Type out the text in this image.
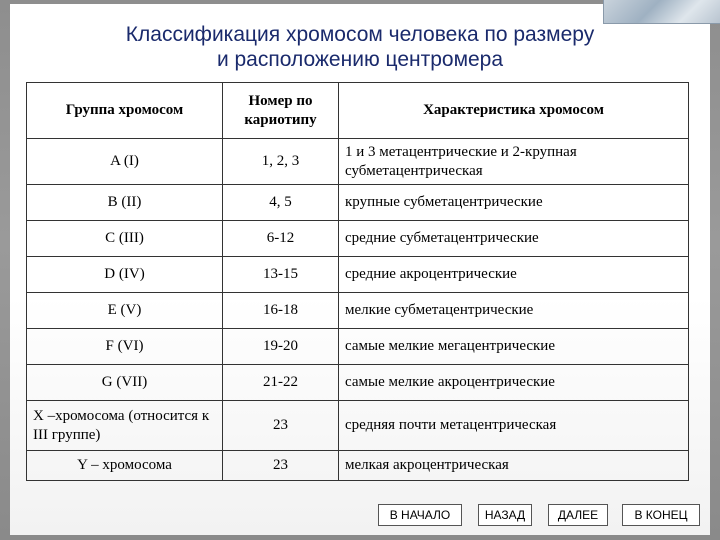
Классификация хромосом человека по размеру
и расположению центромера
Группа хромосом	Номер по кариотипу	Характеристика хромосом
A (I)	1, 2, 3	1 и 3 метацентрические и 2-крупная субметацентрическая
B (II)	4, 5	крупные субметацентрические
C (III)	6-12	средние субметацентрические
D (IV)	13-15	средние акроцентрические
E (V)	16-18	мелкие субметацентрические
F (VI)	19-20	самые мелкие мегацентрические
G (VII)	21-22	самые мелкие акроцентрические
X –хромосома (относится к III группе)	23	средняя почти метацентрическая
Y – хромосома	23	мелкая акроцентрическая
В НАЧАЛО	НАЗАД	ДАЛЕЕ	В КОНЕЦ
